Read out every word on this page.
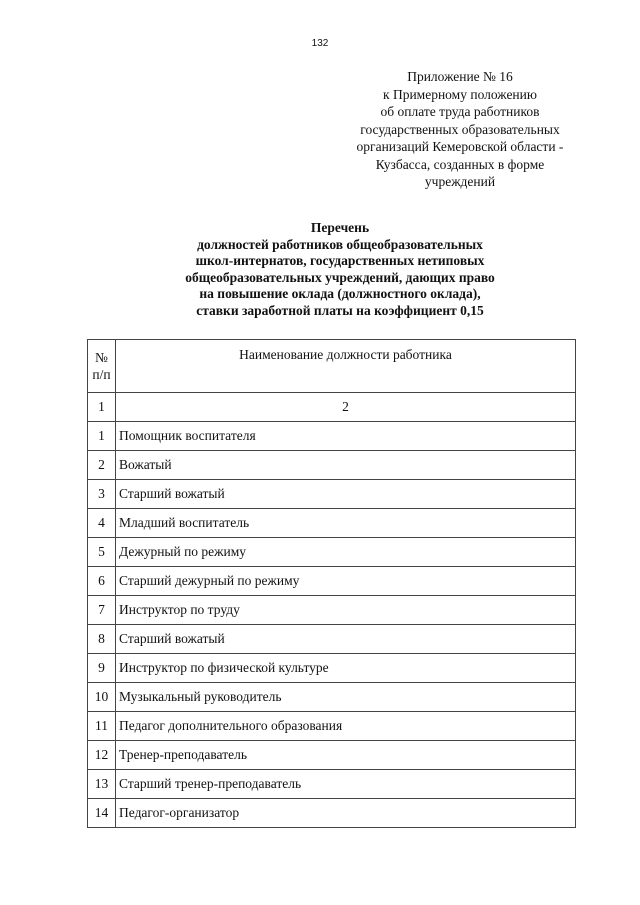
132
Приложение № 16
к Примерному положению
об оплате труда работников
государственных образовательных
организаций Кемеровской области -
Кузбасса, созданных в форме
учреждений
Перечень
должностей работников общеобразовательных
школ-интернатов, государственных нетиповых
общеобразовательных учреждений, дающих право
на повышение оклада (должностного оклада),
ставки заработной платы на коэффициент 0,15
№
п/п	Наименование должности работника
1	2
1	Помощник воспитателя
2	Вожатый
3	Старший вожатый
4	Младший воспитатель
5	Дежурный по режиму
6	Старший дежурный по режиму
7	Инструктор по труду
8	Старший вожатый
9	Инструктор по физической культуре
10	Музыкальный руководитель
11	Педагог дополнительного образования
12	Тренер-преподаватель
13	Старший тренер-преподаватель
14	Педагог-организатор
